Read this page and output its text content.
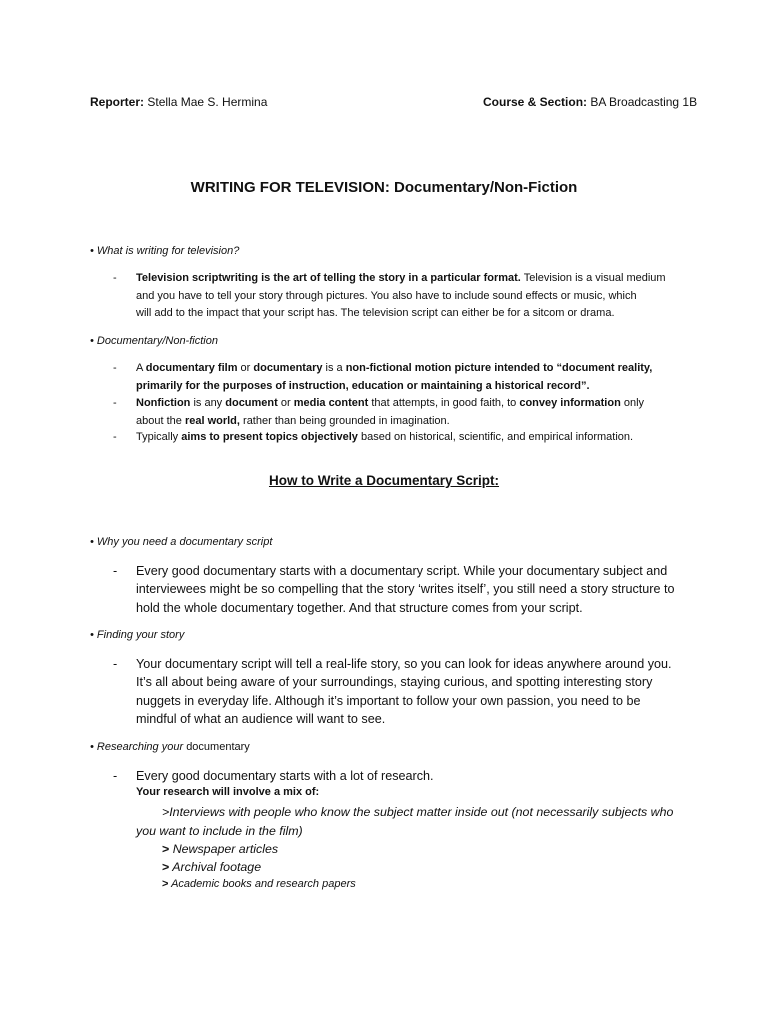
Reporter: Stella Mae S. Hermina	Course & Section: BA Broadcasting 1B
WRITING FOR TELEVISION: Documentary/Non-Fiction
• What is writing for television?
- Television scriptwriting is the art of telling the story in a particular format. Television is a visual medium
and you have to tell your story through pictures. You also have to include sound effects or music, which
will add to the impact that your script has. The television script can either be for a sitcom or drama.
• Documentary/Non-fiction
- A documentary film or documentary is a non-fictional motion picture intended to “document reality,
primarily for the purposes of instruction, education or maintaining a historical record”.
- Nonfiction is any document or media content that attempts, in good faith, to convey information only
about the real world, rather than being grounded in imagination.
- Typically aims to present topics objectively based on historical, scientific, and empirical information.
How to Write a Documentary Script:
• Why you need a documentary script
- Every good documentary starts with a documentary script. While your documentary subject and
interviewees might be so compelling that the story ‘writes itself’, you still need a story structure to
hold the whole documentary together. And that structure comes from your script.
• Finding your story
- Your documentary script will tell a real-life story, so you can look for ideas anywhere around you.
It’s all about being aware of your surroundings, staying curious, and spotting interesting story
nuggets in everyday life. Although it’s important to follow your own passion, you need to be
mindful of what an audience will want to see.
• Researching your documentary
- Every good documentary starts with a lot of research.
Your research will involve a mix of:
>Interviews with people who know the subject matter inside out (not necessarily subjects who
you want to include in the film)
> Newspaper articles
> Archival footage
> Academic books and research papers
